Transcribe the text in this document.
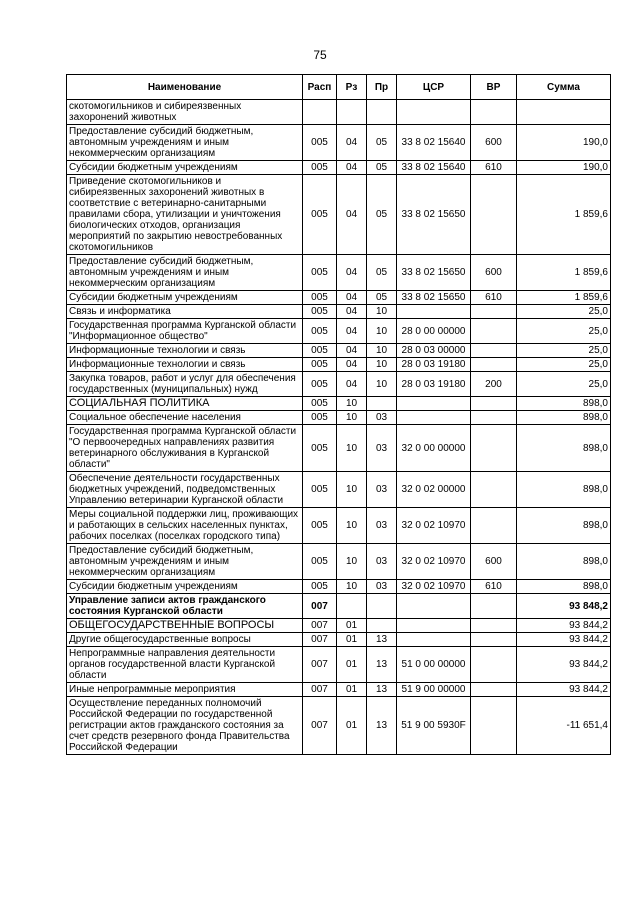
75
Наименование	Расп	Рз	Пр	ЦСР	ВР	Сумма
скотомогильников и сибиреязвенных захоронений животных						
Предоставление субсидий бюджетным, автономным учреждениям и иным некоммерческим организациям	005	04	05	33 8 02 15640	600	190,0
Субсидии бюджетным учреждениям	005	04	05	33 8 02 15640	610	190,0
Приведение скотомогильников и сибиреязвенных захоронений животных в соответствие с ветеринарно-санитарными правилами сбора, утилизации и уничтожения биологических отходов, организация мероприятий по закрытию невостребованных скотомогильников	005	04	05	33 8 02 15650		1 859,6
Предоставление субсидий бюджетным, автономным учреждениям и иным некоммерческим организациям	005	04	05	33 8 02 15650	600	1 859,6
Субсидии бюджетным учреждениям	005	04	05	33 8 02 15650	610	1 859,6
Связь и информатика	005	04	10			25,0
Государственная программа Курганской области "Информационное общество"	005	04	10	28 0 00 00000		25,0
Информационные технологии и связь	005	04	10	28 0 03 00000		25,0
Информационные технологии и связь	005	04	10	28 0 03 19180		25,0
Закупка товаров, работ и услуг для обеспечения государственных (муниципальных) нужд	005	04	10	28 0 03 19180	200	25,0
СОЦИАЛЬНАЯ ПОЛИТИКА	005	10				898,0
Социальное обеспечение населения	005	10	03			898,0
Государственная программа Курганской области "О первоочередных направлениях развития ветеринарного обслуживания в Курганской области"	005	10	03	32 0 00 00000		898,0
Обеспечение деятельности государственных бюджетных учреждений, подведомственных Управлению ветеринарии Курганской области	005	10	03	32 0 02 00000		898,0
Меры социальной поддержки лиц, проживающих и работающих в сельских населенных пунктах, рабочих поселках (поселках городского типа)	005	10	03	32 0 02 10970		898,0
Предоставление субсидий бюджетным, автономным учреждениям и иным некоммерческим организациям	005	10	03	32 0 02 10970	600	898,0
Субсидии бюджетным учреждениям	005	10	03	32 0 02 10970	610	898,0
Управление записи актов гражданского состояния Курганской области	007					93 848,2
ОБЩЕГОСУДАРСТВЕННЫЕ ВОПРОСЫ	007	01				93 844,2
Другие общегосударственные вопросы	007	01	13			93 844,2
Непрограммные направления деятельности органов государственной власти Курганской области	007	01	13	51 0 00 00000		93 844,2
Иные непрограммные мероприятия	007	01	13	51 9 00 00000		93 844,2
Осуществление переданных полномочий Российской Федерации по государственной регистрации актов гражданского состояния за счет средств резервного фонда Правительства Российской Федерации	007	01	13	51 9 00 5930F		-11 651,4
